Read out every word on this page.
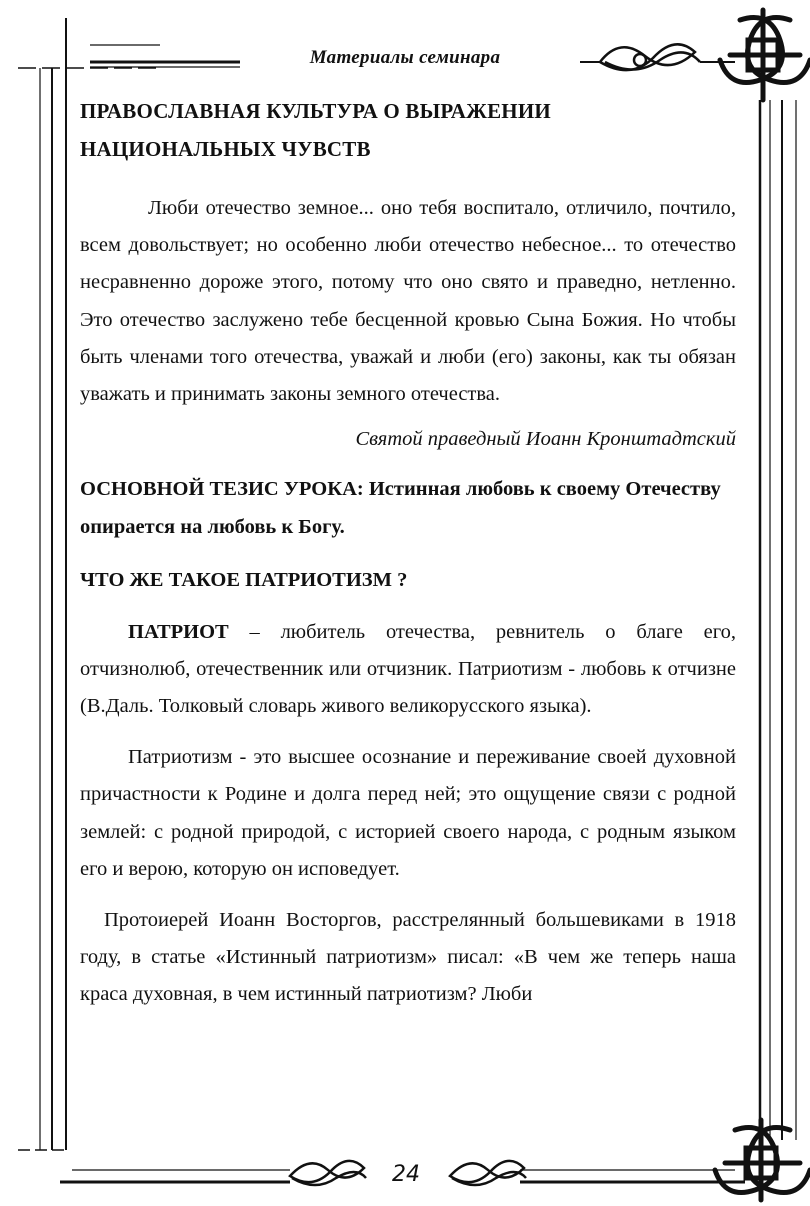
Материалы семинара
ПРАВОСЛАВНАЯ КУЛЬТУРА О ВЫРАЖЕНИИ НАЦИОНАЛЬНЫХ ЧУВСТВ

Люби отечество земное... оно тебя воспитало, отличило, почтило, всем довольствует; но особенно люби отечество небесное... то отечество несравненно дороже этого, потому что оно свято и праведно, нетленно. Это отечество заслужено тебе бесценной кровью Сына Божия. Но чтобы быть членами того отечества, уважай и люби (его) законы, как ты обязан уважать и принимать законы земного отечества.

Святой праведный Иоанн Кронштадтский

ОСНОВНОЙ ТЕЗИС УРОКА: Истинная любовь к своему Отечеству опирается на любовь к Богу.

ЧТО ЖЕ ТАКОЕ ПАТРИОТИЗМ ?

ПАТРИОТ – любитель отечества, ревнитель о благе его, отчизнолюб, отечественник или отчизник. Патриотизм - любовь к отчизне (В.Даль. Толковый словарь живого великорусского языка).

Патриотизм - это высшее осознание и переживание своей духовной причастности к Родине и долга перед ней; это ощущение связи с родной землей: с родной природой, с историей своего народа, с родным языком его и верою, которую он исповедует.

Протоиерей Иоанн Восторгов, расстрелянный большевиками в 1918 году, в статье «Истинный патриотизм» писал: «В чем же теперь наша краса духовная, в чем истинный патриотизм? Люби

24
